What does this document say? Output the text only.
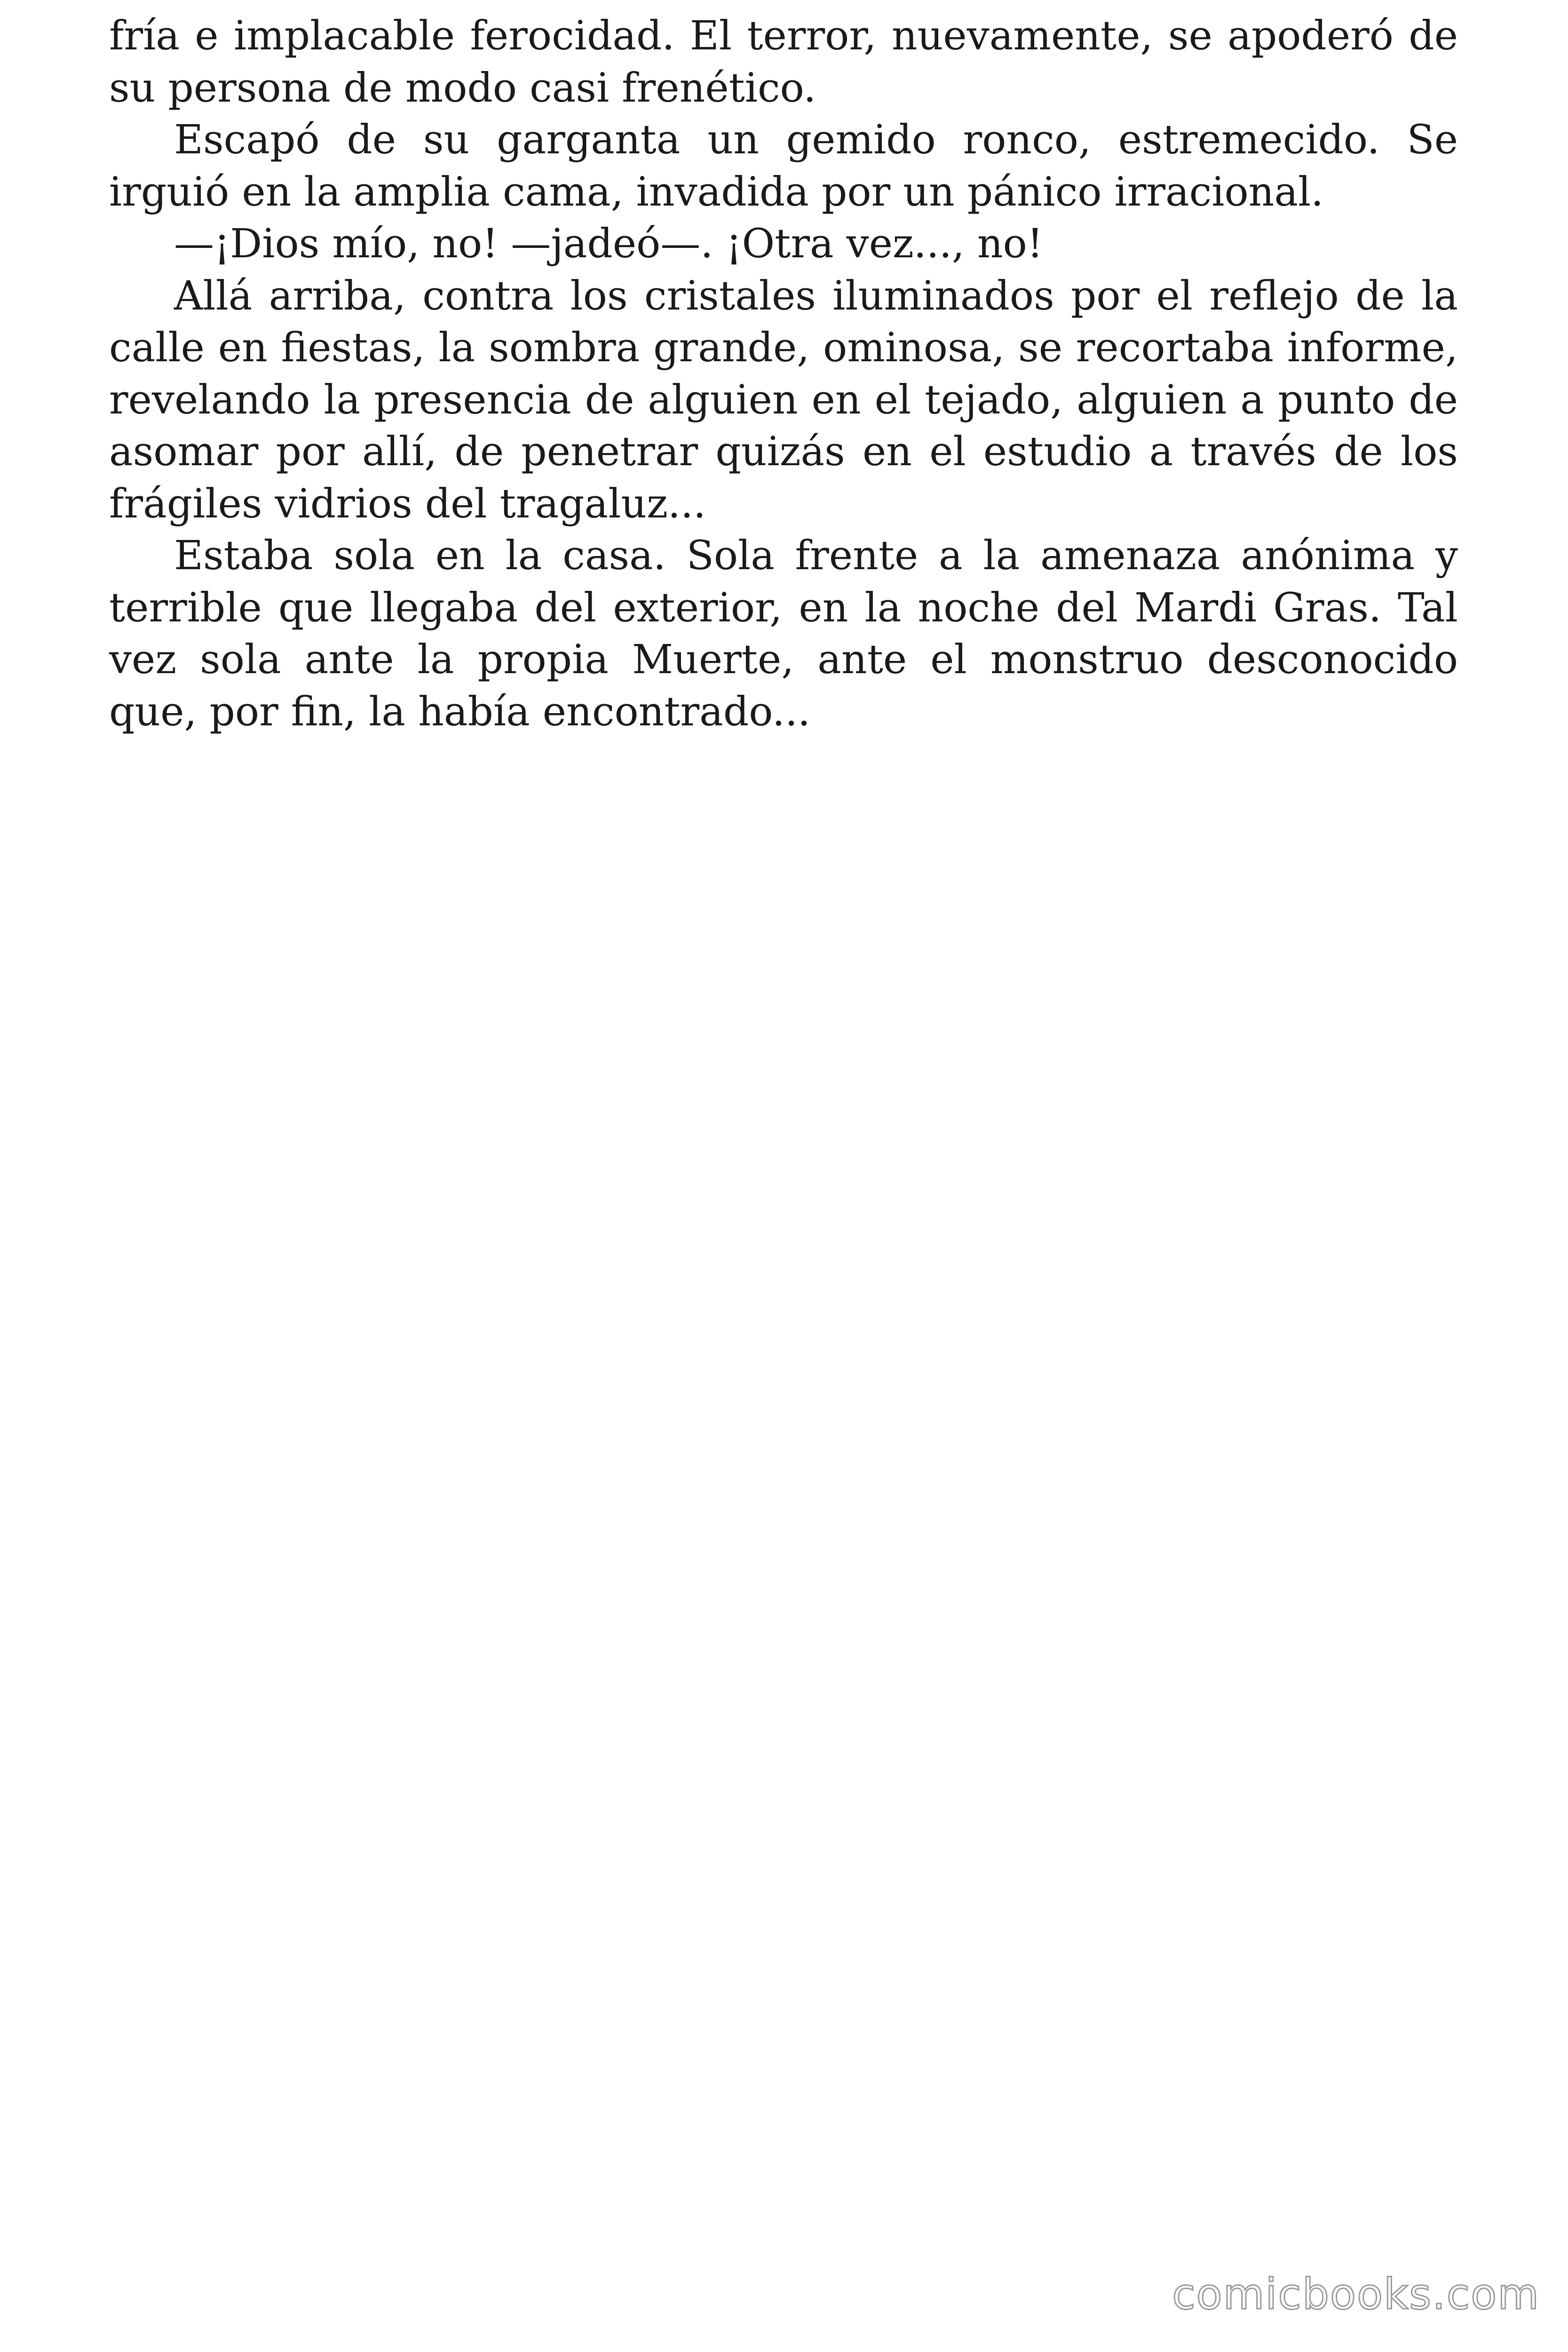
fría e implacable ferocidad. El terror, nuevamente, se apoderó de su persona de modo casi frenético.

Escapó de su garganta un gemido ronco, estremecido. Se irguió en la amplia cama, invadida por un pánico irracional.

—¡Dios mío, no! —jadeó—. ¡Otra vez..., no!

Allá arriba, contra los cristales iluminados por el reflejo de la calle en fiestas, la sombra grande, ominosa, se recortaba informe, revelando la presencia de alguien en el tejado, alguien a punto de asomar por allí, de penetrar quizás en el estudio a través de los frágiles vidrios del tragaluz...

Estaba sola en la casa. Sola frente a la amenaza anónima y terrible que llegaba del exterior, en la noche del Mardi Gras. Tal vez sola ante la propia Muerte, ante el monstruo desconocido que, por fin, la había encontrado...

comicbooks.com
